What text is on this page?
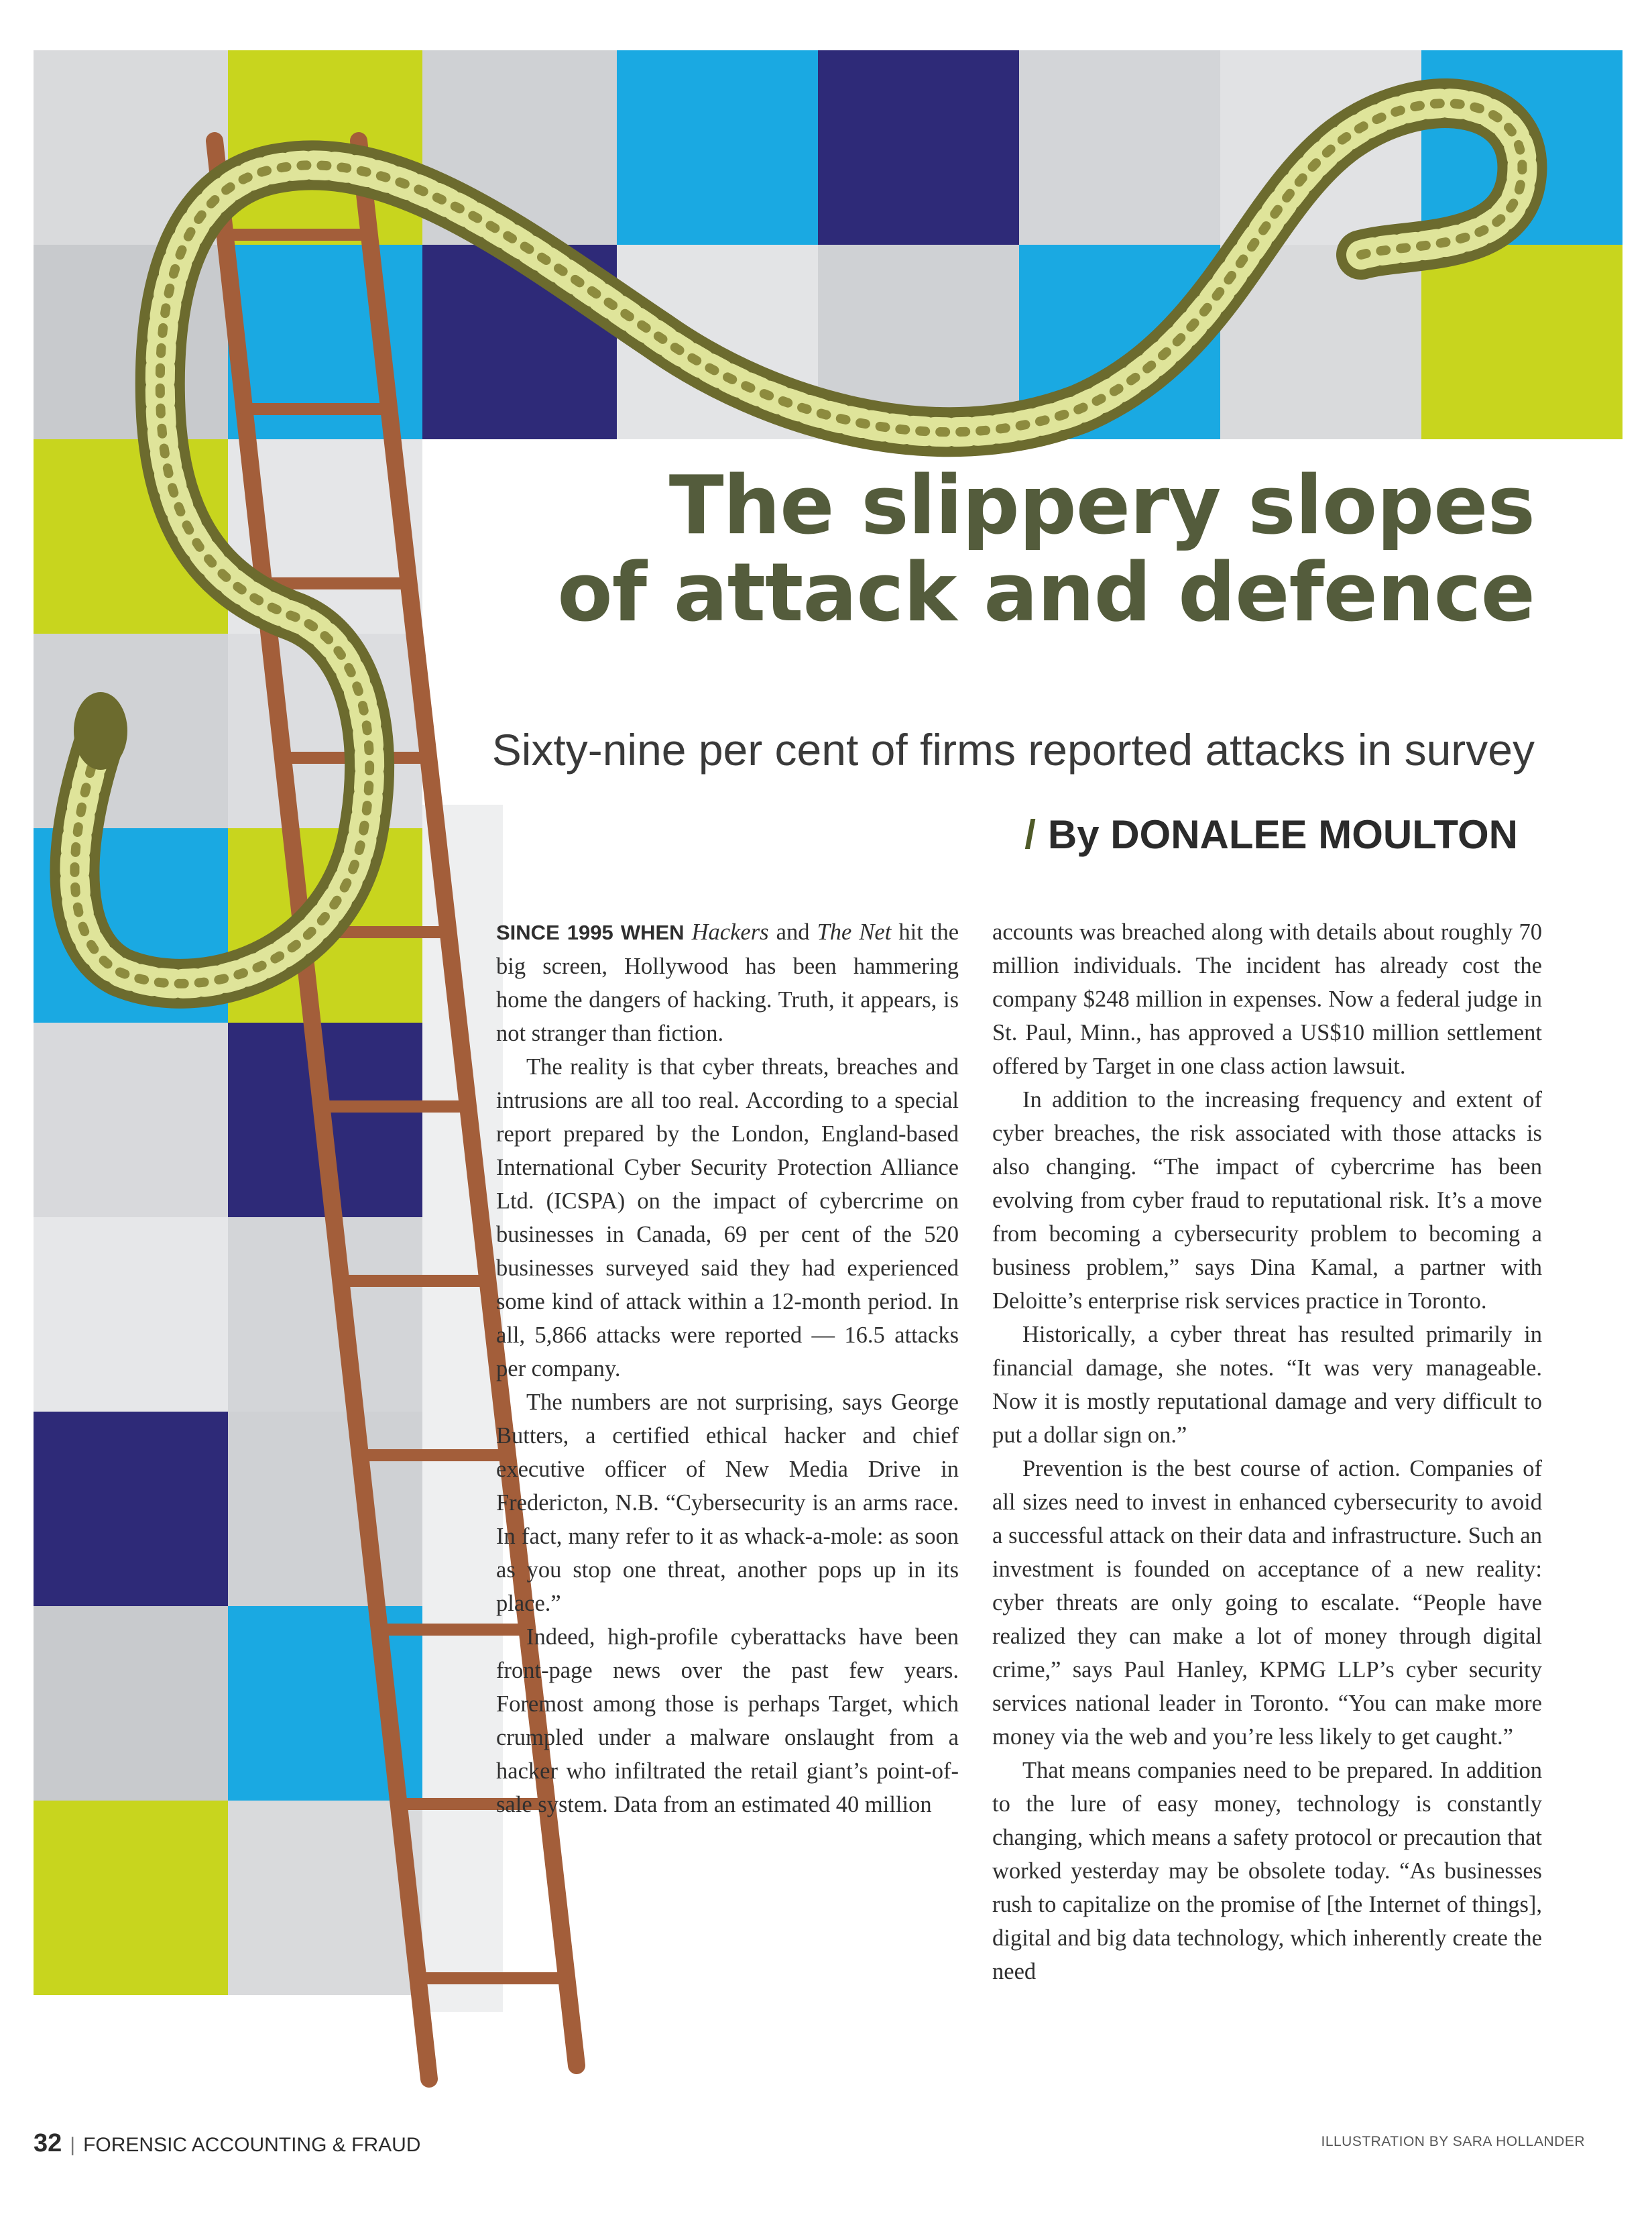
The slippery slopes
of attack and defence
Sixty-nine per cent of firms reported attacks in survey
/ By DONALEE MOULTON

SINCE 1995 WHEN Hackers and The Net hit the big screen, Hollywood has been hammering home the dangers of hacking. Truth, it appears, is not stranger than fiction.

The reality is that cyber threats, breaches and intrusions are all too real. According to a special report prepared by the London, England-based International Cyber Security Protection Alliance Ltd. (ICSPA) on the impact of cybercrime on businesses in Canada, 69 per cent of the 520 businesses surveyed said they had experienced some kind of attack within a 12-month period. In all, 5,866 attacks were reported — 16.5 attacks per company.

The numbers are not surprising, says George Butters, a certified ethical hacker and chief executive officer of New Media Drive in Fredericton, N.B. “Cybersecurity is an arms race. In fact, many refer to it as whack-a-mole: as soon as you stop one threat, another pops up in its place.”

Indeed, high-profile cyberattacks have been front-page news over the past few years. Foremost among those is perhaps Target, which crumpled under a malware onslaught from a hacker who infiltrated the retail giant’s point-of-sale system. Data from an estimated 40 million

accounts was breached along with details about roughly 70 million individuals. The incident has already cost the company $248 million in expenses. Now a federal judge in St. Paul, Minn., has approved a US$10 million settlement offered by Target in one class action lawsuit.

In addition to the increasing frequency and extent of cyber breaches, the risk associated with those attacks is also changing. “The impact of cybercrime has been evolving from cyber fraud to reputational risk. It’s a move from becoming a cybersecurity problem to becoming a business problem,” says Dina Kamal, a partner with Deloitte’s enterprise risk services practice in Toronto.

Historically, a cyber threat has resulted primarily in financial damage, she notes. “It was very manageable. Now it is mostly reputational damage and very difficult to put a dollar sign on.”

Prevention is the best course of action. Companies of all sizes need to invest in enhanced cybersecurity to avoid a successful attack on their data and infrastructure. Such an investment is founded on acceptance of a new reality: cyber threats are only going to escalate. “People have realized they can make a lot of money through digital crime,” says Paul Hanley, KPMG LLP’s cyber security services national leader in Toronto. “You can make more money via the web and you’re less likely to get caught.”

That means companies need to be prepared. In addition to the lure of easy money, technology is constantly changing, which means a safety protocol or precaution that worked yesterday may be obsolete today. “As businesses rush to capitalize on the promise of [the Internet of things], digital and big data technology, which inherently create the need

32 | FORENSIC ACCOUNTING & FRAUD	ILLUSTRATION BY SARA HOLLANDER
